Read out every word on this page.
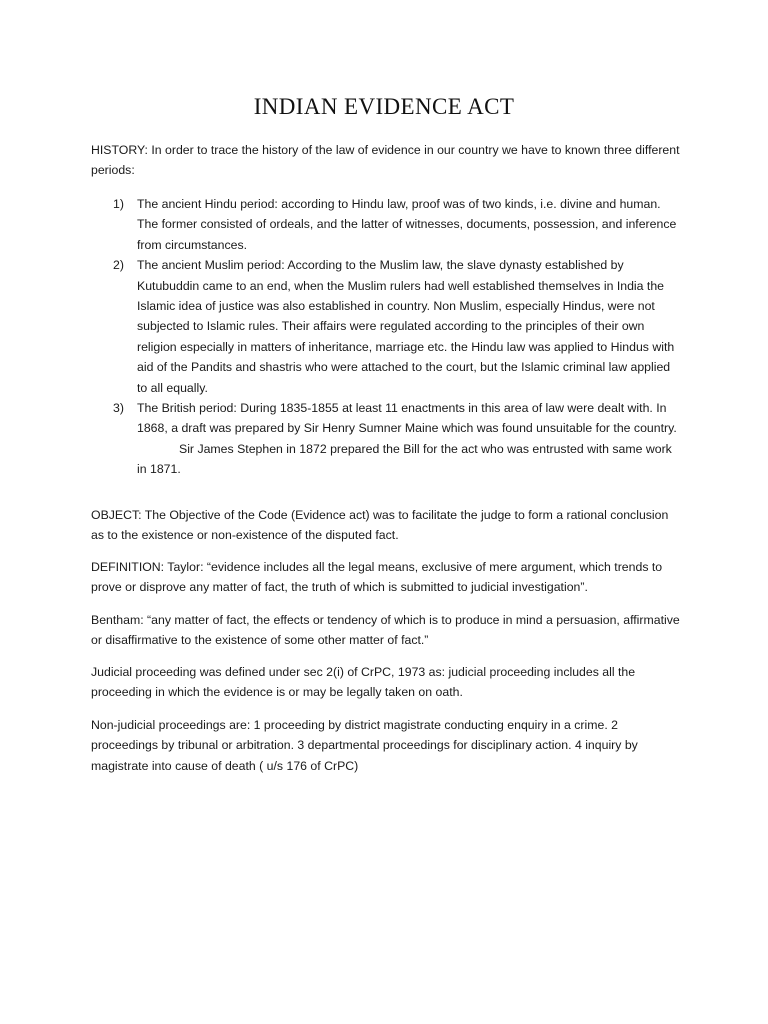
INDIAN EVIDENCE ACT
HISTORY: In order to trace the history of the law of evidence in our country we have to known three different periods:
1) The ancient Hindu period: according to Hindu law, proof was of two kinds, i.e. divine and human. The former consisted of ordeals, and the latter of witnesses, documents, possession, and inference from circumstances.
2) The ancient Muslim period: According to the Muslim law, the slave dynasty established by Kutubuddin came to an end, when the Muslim rulers had well established themselves in India the Islamic idea of justice was also established in country. Non Muslim, especially Hindus, were not subjected to Islamic rules. Their affairs were regulated according to the principles of their own religion especially in matters of inheritance, marriage etc. the Hindu law was applied to Hindus with aid of the Pandits and shastris who were attached to the court, but the Islamic criminal law applied to all equally.
3) The British period: During 1835-1855 at least 11 enactments in this area of law were dealt with. In 1868, a draft was prepared by Sir Henry Sumner Maine which was found unsuitable for the country.
Sir James Stephen in 1872 prepared the Bill for the act who was entrusted with same work in 1871.
OBJECT: The Objective of the Code (Evidence act) was to facilitate the judge to form a rational conclusion as to the existence or non-existence of the disputed fact.
DEFINITION: Taylor: “evidence includes all the legal means, exclusive of mere argument, which trends to prove or disprove any matter of fact, the truth of which is submitted to judicial investigation”.
Bentham: “any matter of fact, the effects or tendency of which is to produce in mind a persuasion, affirmative or disaffirmative to the existence of some other matter of fact.”
Judicial proceeding was defined under sec 2(i) of CrPC, 1973 as: judicial proceeding includes all the proceeding in which the evidence is or may be legally taken on oath.
Non-judicial proceedings are: 1 proceeding by district magistrate conducting enquiry in a crime. 2 proceedings by tribunal or arbitration. 3 departmental proceedings for disciplinary action. 4 inquiry by magistrate into cause of death ( u/s 176 of CrPC)
